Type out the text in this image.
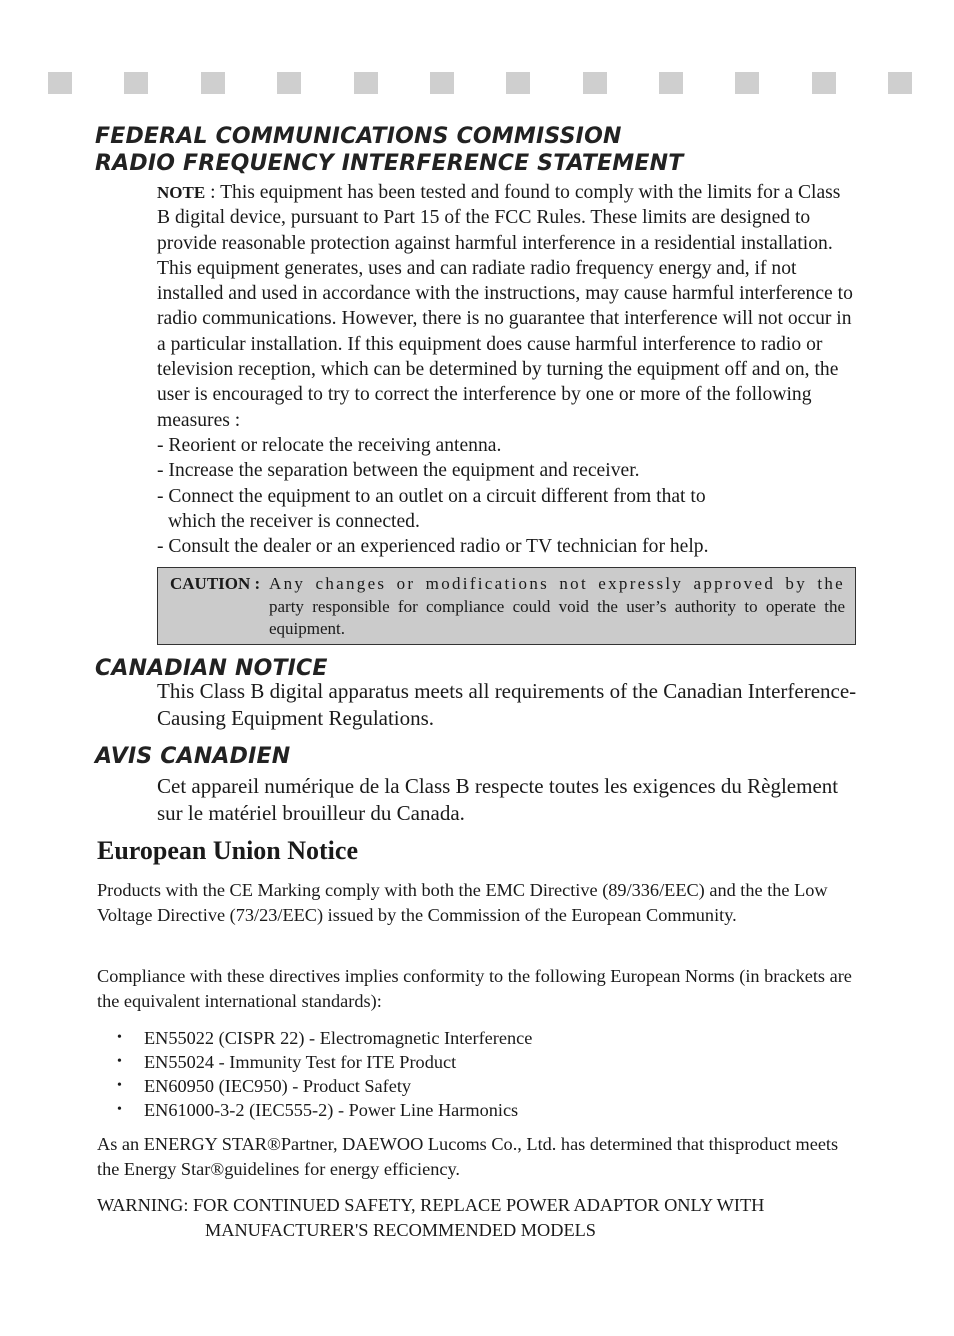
FEDERAL COMMUNICATIONS COMMISSION
RADIO FREQUENCY INTERFERENCE STATEMENT

NOTE : This equipment has been tested and found to comply with the limits for a Class B digital device, pursuant to Part 15 of the FCC Rules. These limits are designed to provide reasonable protection against harmful interference in a residential installation. This equipment generates, uses and can radiate radio frequency energy and, if not installed and used in accordance with the instructions, may cause harmful interference to radio communications. However, there is no guarantee that interference will not occur in a particular installation. If this equipment does cause harmful interference to radio or television reception, which can be determined by turning the equipment off and on, the user is encouraged to try to correct the interference by one or more of the following measures :

- Reorient or relocate the receiving antenna.

- Increase the separation between the equipment and receiver.

- Connect the equipment to an outlet on a circuit different from that to

which the receiver is connected.

- Consult the dealer or an experienced radio or TV technician for help.

CAUTION : Any changes or modifications not expressly approved by the party responsible for compliance could void the user’s authority to operate the equipment.
CANADIAN NOTICE

This Class B digital apparatus meets all requirements of the Canadian Interference-Causing Equipment Regulations.

AVIS CANADIEN

Cet appareil numérique de la Class B respecte toutes les exigences du Règlement sur le matériel brouilleur du Canada.

European Union Notice

Products with the CE Marking comply with both the EMC Directive (89/336/EEC) and the the Low Voltage Directive (73/23/EEC) issued by the Commission of the European Community.

Compliance with these directives implies conformity to the following European Norms (in brackets are the equivalent international standards):

• EN55022 (CISPR 22) - Electromagnetic Interference
• EN55024 - Immunity Test for ITE Product
• EN60950 (IEC950) - Product Safety
• EN61000-3-2 (IEC555-2) - Power Line Harmonics

As an ENERGY STAR®Partner, DAEWOO Lucoms Co., Ltd. has determined that thisproduct meets the Energy Star®guidelines for energy efficiency.

WARNING: FOR CONTINUED SAFETY, REPLACE POWER ADAPTOR ONLY WITH
MANUFACTURER'S RECOMMENDED MODELS
